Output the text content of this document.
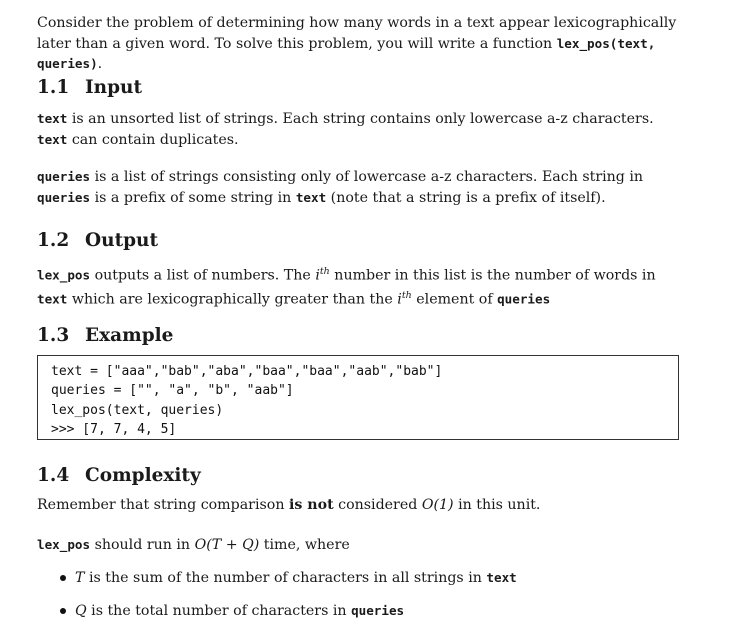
Consider the problem of determining how many words in a text appear lexicographically later than a given word. To solve this problem, you will write a function lex_pos(text, queries).

1.1 Input

text is an unsorted list of strings. Each string contains only lowercase a-z characters. text can contain duplicates.

queries is a list of strings consisting only of lowercase a-z characters. Each string in queries is a prefix of some string in text (note that a string is a prefix of itself).

1.2 Output

lex_pos outputs a list of numbers. The $i^{th}$ number in this list is the number of words in text which are lexicographically greater than the $i^{th}$ element of queries

1.3 Example
text = ["aaa","bab","aba","baa","baa","aab","bab"]
queries = ["", "a", "b", "aab"]
lex_pos(text, queries)
>>> [7, 7, 4, 5]
1.4 Complexity

Remember that string comparison is not considered O(1) in this unit.

lex_pos should run in O(T + Q) time, where

T is the sum of the number of characters in all strings in text
Q is the total number of characters in queries
